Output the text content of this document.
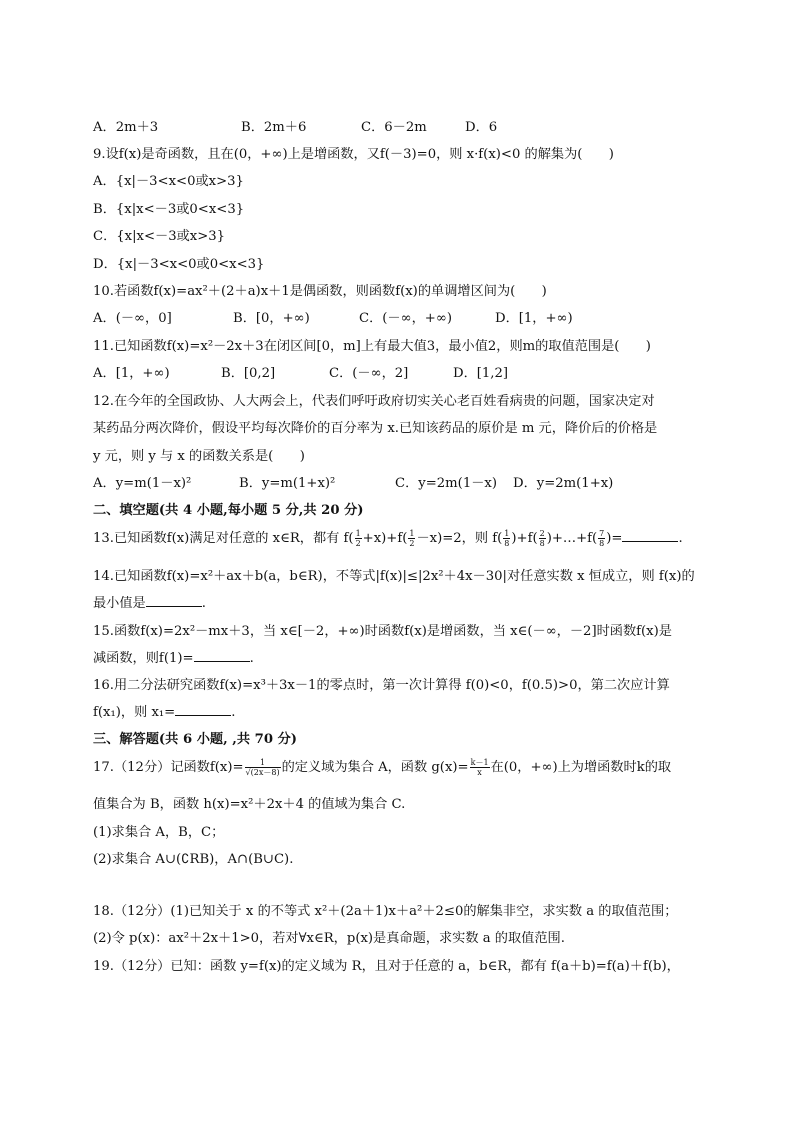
A．2m＋3	B．2m＋6	C．6－2m	D．6
9.设f(x)是奇函数，且在(0，+∞)上是增函数，又f(－3)=0，则 x·f(x)<0 的解集为(　　)
A．{x|－3<x<0或x>3}
B．{x|x<－3或0<x<3}
C．{x|x<－3或x>3}
D．{x|－3<x<0或0<x<3}
10.若函数f(x)=ax²＋(2＋a)x＋1是偶函数，则函数f(x)的单调增区间为(　　)
A．(－∞，0]	B．[0，+∞)	C．(－∞，+∞)	D．[1，+∞)
11.已知函数f(x)=x²－2x＋3在闭区间[0，m]上有最大值3，最小值2，则m的取值范围是(　　)
A．[1，+∞)	B．[0,2]	C．(－∞，2]	D．[1,2]
12.在今年的全国政协、人大两会上，代表们呼吁政府切实关心老百姓看病贵的问题，国家决定对
某药品分两次降价，假设平均每次降价的百分率为 x.已知该药品的原价是 m 元，降价后的价格是
y 元，则 y 与 x 的函数关系是(　　)
A．y=m(1－x)²	B．y=m(1+x)²	C．y=2m(1－x) D．y=2m(1+x)
二、填空题(共 4 小题,每小题 5 分,共 20 分)
13.已知函数f(x)满足对任意的 x∈R，都有 $f( \frac{1}{2} +x)+f( \frac{1}{2} -x)=2$，则 $f( \frac{1}{8} )+f( \frac{2}{8}$ )+…+f( $\frac{7}{8}$ )=	.
14.已知函数f(x)=x²＋ax＋b(a，b∈R)，不等式|f(x)|≤|2x²＋4x－30|对任意实数 x 恒成立，则 f(x)的
最小值是	.
15.函数f(x)=2x²－mx＋3，当 x∈[－2，+∞)时函数f(x)是增函数，当 x∈(－∞，－2]时函数f(x)是
减函数，则f(1)=	.
16.用二分法研究函数f(x)=x³＋3x－1的零点时，第一次计算得 f(0)<0，f(0.5)>0，第二次应计算
f(x₁)，则 x₁=	.
三、解答题(共 6 小题, ,共 70 分)
17.（12分）记函数$f(x)= \frac{1}{√(2x-8)}$ 的定义域为集合 A，函数 $g(x)= \frac{k-1}{x}$ 在(0，+∞)上为增函数时k的取
值集合为 B，函数 h(x)=x²＋2x＋4 的值域为集合 C.
(1)求集合 A，B，C；
(2)求集合 A∪(∁RB)，A∩(B∪C).
18.（12分）(1)已知关于 x 的不等式 x²＋(2a＋1)x＋a²＋2≤0的解集非空，求实数 a 的取值范围；
(2)令 p(x)：ax²＋2x＋1>0，若对∀x∈R，p(x)是真命题，求实数 a 的取值范围.
19.（12分）已知：函数 y=f(x)的定义域为 R，且对于任意的 a，b∈R，都有 f(a＋b)=f(a)＋f(b)，
